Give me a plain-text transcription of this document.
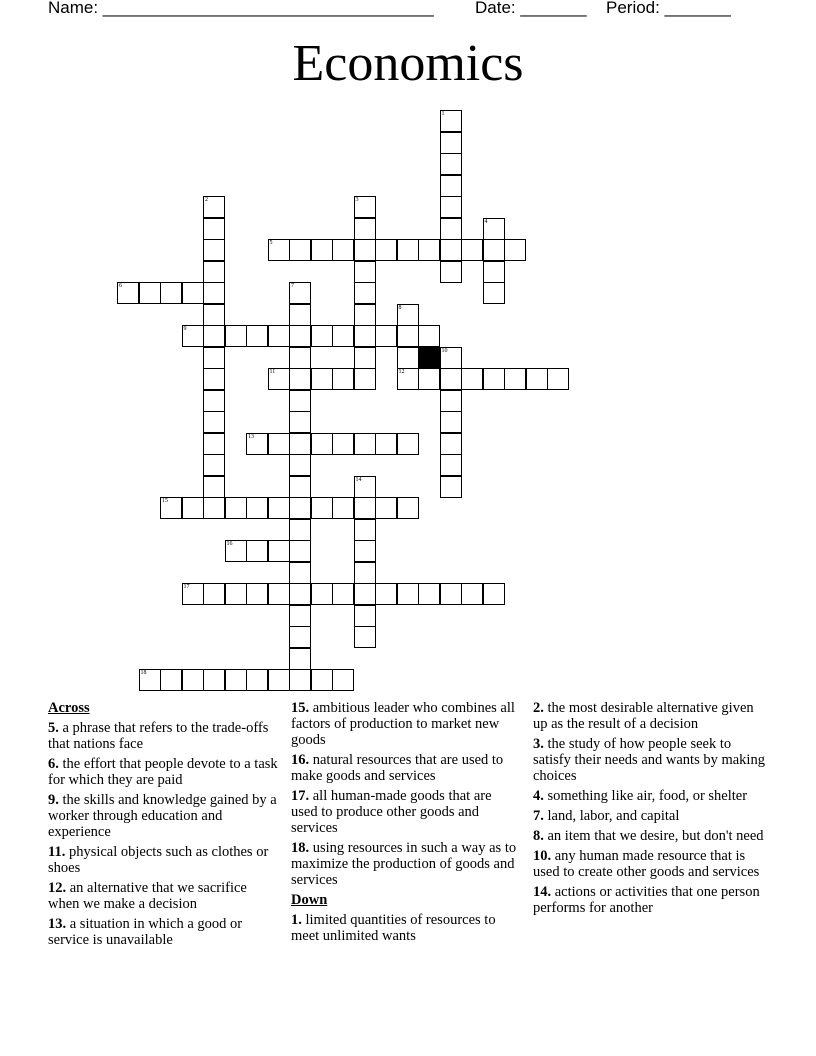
Name: ___________________________________ Date: _______ Period: _______
Economics
1
2	3
4
7
8
10
14
5
6
9
11	12
13
15
16
17
18
Across
5. a phrase that refers to the trade-offs that nations face
6. the effort that people devote to a task for which they are paid
9. the skills and knowledge gained by a worker through education and experience
11. physical objects such as clothes or shoes
12. an alternative that we sacrifice when we make a decision
13. a situation in which a good or service is unavailable
15. ambitious leader who combines all factors of production to market new goods
16. natural resources that are used to make goods and services
17. all human-made goods that are used to produce other goods and services
18. using resources in such a way as to maximize the production of goods and services
Down
1. limited quantities of resources to meet unlimited wants
2. the most desirable alternative given up as the result of a decision
3. the study of how people seek to satisfy their needs and wants by making choices
4. something like air, food, or shelter
7. land, labor, and capital
8. an item that we desire, but don't need
10. any human made resource that is used to create other goods and services
14. actions or activities that one person performs for another
